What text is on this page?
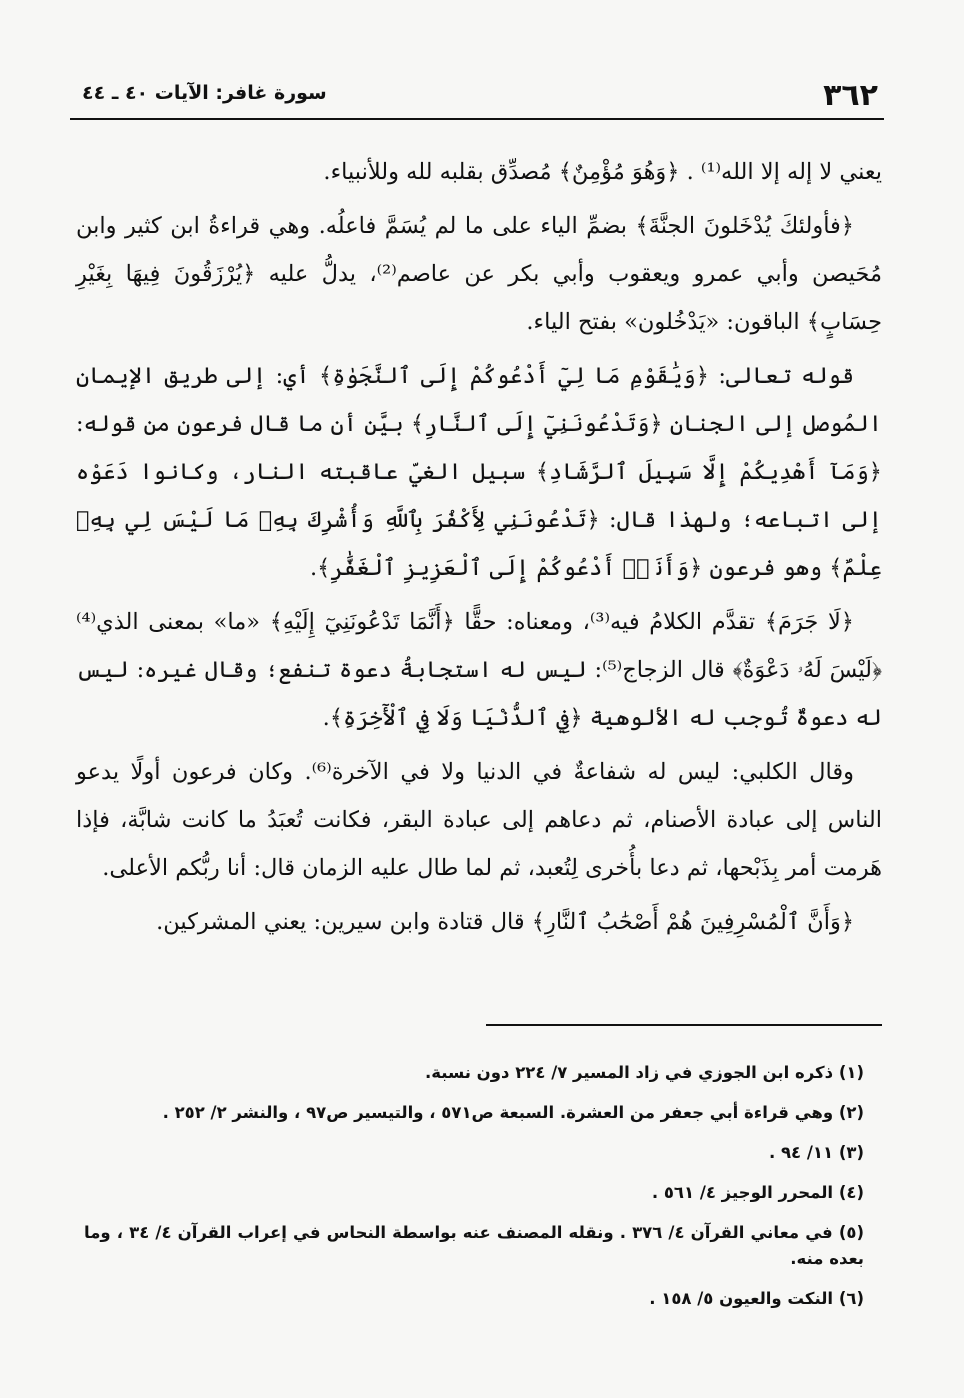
٣٦٢
سورة غافر: الآيات ٤٠ ـ ٤٤

يعني لا إله إلا الله⁽¹⁾ . ﴿وَهُوَ مُؤْمِنٌ﴾ مُصدِّق بقلبه لله وللأنبياء.

﴿فأولئكَ يُدْخَلونَ الجنَّةَ﴾ بضمِّ الياء على ما لم يُسَمَّ فاعلُه. وهي قراءةُ ابن كثير وابن مُحَيصن وأبي عمرو ويعقوب وأبي بكر عن عاصم⁽²⁾، يدلُّ عليه ﴿يُرْزَقُونَ فِيهَا بِغَيْرِ حِسَابٍ﴾ الباقون: «يَدْخُلون» بفتح الياء.

قوله تعالى: ﴿وَيَٰقَوْمِ مَا لِيٓ أَدْعُوكُمْ إِلَى ٱلنَّجَوٰةِ﴾ أي: إلى طريق الإيمان المُوصل إلى الجنان ﴿وَتَدْعُونَنِيٓ إِلَى ٱلنَّارِ﴾ بيَّن أن ما قال فرعون من قوله: ﴿وَمَآ أَهْدِيكُمْ إِلَّا سَبِيلَ ٱلرَّشَادِ﴾ سبيل الغيّ عاقبته النار، وكانوا دَعَوْه إلى اتباعه؛ ولهذا قال: ﴿تَدْعُونَنِي لِأَكْفُرَ بِٱللَّهِ وَأُشْرِكَ بِهِۦ مَا لَيْسَ لِي بِهِۦ عِلْمٌ﴾ وهو فرعون ﴿وَأَنَا۠ أَدْعُوكُمْ إِلَى ٱلْعَزِيزِ ٱلْغَفَّٰرِ﴾.

﴿لَا جَرَمَ﴾ تقدَّم الكلامُ فيه⁽³⁾، ومعناه: حقًّا ﴿أَنَّمَا تَدْعُونَنِيٓ إِلَيْهِ﴾ «ما» بمعنى الذي⁽⁴⁾ ﴿لَيْسَ لَهُۥ دَعْوَةٌ﴾ قال الزجاج⁽⁵⁾: ليس له استجابةُ دعوة تنفع؛ وقال غيره: ليس له دعوةٌ تُوجب له الألوهية ﴿فِي ٱلدُّنْيَا وَلَا فِي ٱلْأٓخِرَةِ﴾.

وقال الكلبي: ليس له شفاعةٌ في الدنيا ولا في الآخرة⁽⁶⁾. وكان فرعون أولًا يدعو الناس إلى عبادة الأصنام، ثم دعاهم إلى عبادة البقر، فكانت تُعبَدُ ما كانت شابَّة، فإذا هَرمت أمر بِذَبْحها، ثم دعا بأُخرى لِتُعبد، ثم لما طال عليه الزمان قال: أنا ربُّكم الأعلى.

﴿وَأَنَّ ٱلْمُسْرِفِينَ هُمْ أَصْحَٰبُ ٱلنَّارِ﴾ قال قتادة وابن سيرين: يعني المشركين.

(١) ذكره ابن الجوزي في زاد المسير ٧/ ٢٢٤ دون نسبة.

(٢) وهي قراءة أبي جعفر من العشرة. السبعة ص٥٧١ ، والتيسير ص٩٧ ، والنشر ٢/ ٢٥٢ .

(٣) ١١/ ٩٤ .

(٤) المحرر الوجيز ٤/ ٥٦١ .

(٥) في معاني القرآن ٤/ ٣٧٦ . ونقله المصنف عنه بواسطة النحاس في إعراب القرآن ٤/ ٣٤ ، وما بعده منه.

(٦) النكت والعيون ٥/ ١٥٨ .
